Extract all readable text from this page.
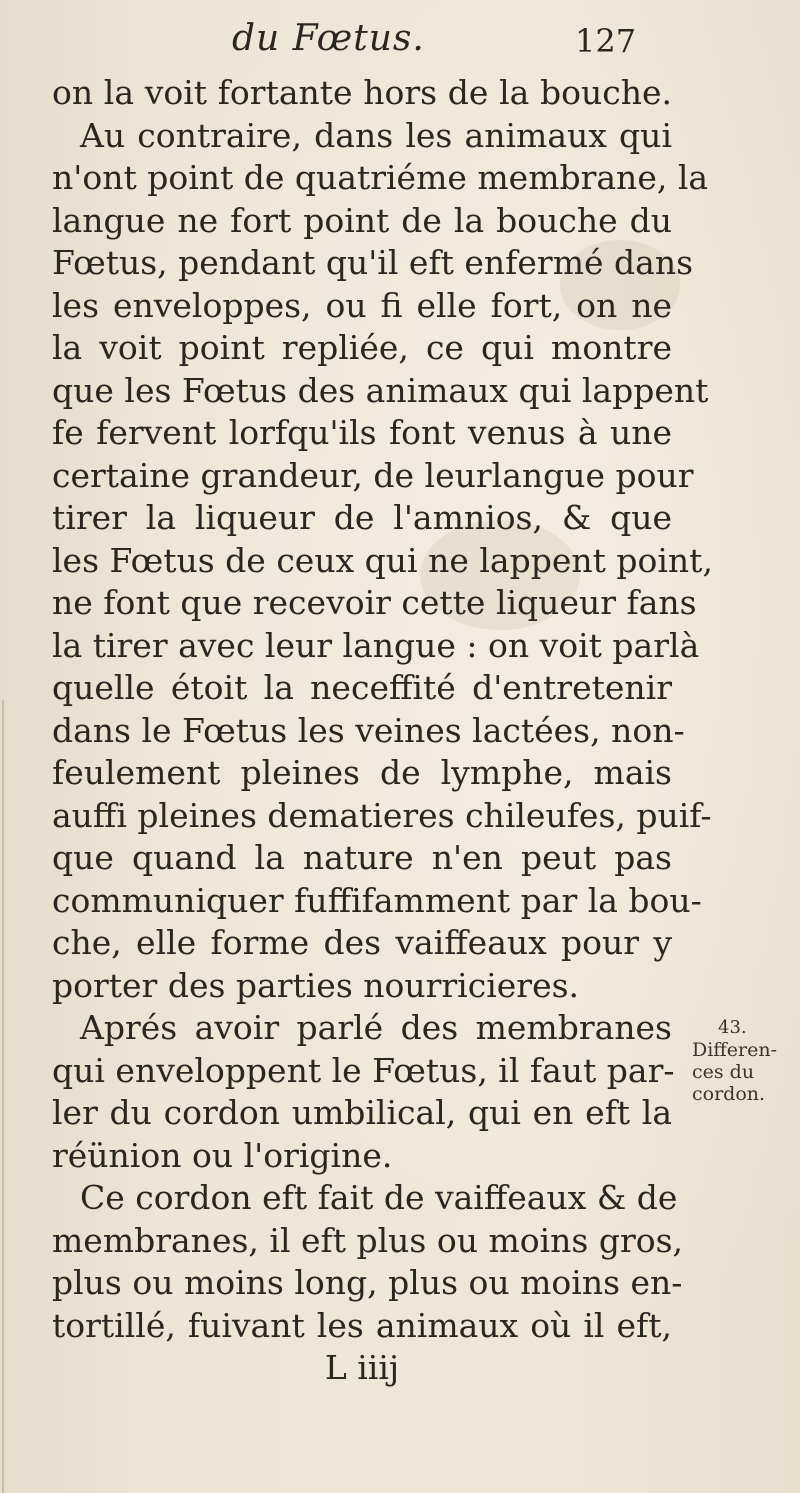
du Fœtus.	127
on la voit fortante hors de la bouche.
Au contraire, dans les animaux qui
n'ont point de quatriéme membrane, la
langue ne fort point de la bouche du
Fœtus, pendant qu'il eft enfermé dans
les enveloppes, ou fi elle fort, on ne
la voit point repliée, ce qui montre
que les Fœtus des animaux qui lappent
fe fervent lorfqu'ils font venus à une
certaine grandeur, de leurlangue pour
tirer la liqueur de l'amnios, & que
les Fœtus de ceux qui ne lappent point,
ne font que recevoir cette liqueur fans
la tirer avec leur langue : on voit parlà
quelle étoit la neceffité d'entretenir
dans le Fœtus les veines lactées, non-
feulement pleines de lymphe, mais
auffi pleines dematieres chileufes, puif-
que quand la nature n'en peut pas
communiquer fuffifamment par la bou-
che, elle forme des vaiffeaux pour y
porter des parties nourricieres.
Aprés avoir parlé des membranes
qui enveloppent le Fœtus, il faut par-
ler du cordon umbilical, qui en eft la
réünion ou l'origine.
Ce cordon eft fait de vaiffeaux & de
membranes, il eft plus ou moins gros,
plus ou moins long, plus ou moins en-
tortillé, fuivant les animaux où il eft,
L iiij
43.
Differen-
ces du
cordon.
